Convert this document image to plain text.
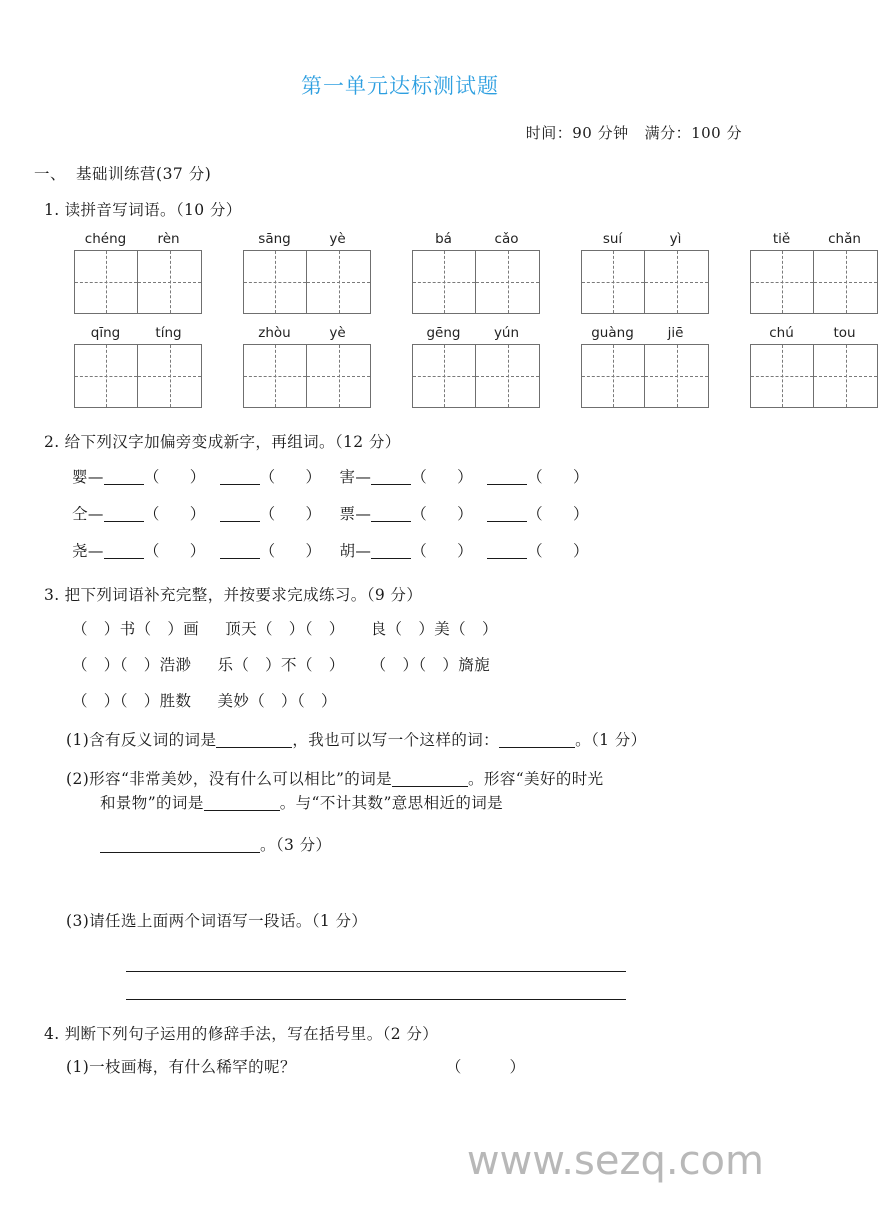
第一单元达标测试题
时间：90 分钟 满分：100 分
一、 基础训练营(37 分)
1. 读拼音写词语。（10 分）
chéng	rèn	sāng	yè	bá	cǎo	suí	yì	tiě	chǎn
qīng	tíng	zhòu	yè	gēng	yún	guàng	jiē	chú	tou
2. 给下列汉字加偏旁变成新字，再组词。（12 分）
婴—	（ ）	（ ） 害—	（ ）	（ ）
仝—	（ ）	（ ） 票—	（ ）	（ ）
尧—	（ ）	（ ） 胡—	（ ）	（ ）
3. 把下列词语补充完整，并按要求完成练习。（9 分）
（　）书（　）画 顶天（　）（　） 良（　）美（　）
（　）（　）浩渺 乐（　）不（　） （　）（　）旖旎
（　）（　）胜数 美妙（　）（　）
(1)含有反义词的词是	，我也可以写一个这样的词：	。（1 分）
(2)形容“非常美妙，没有什么可以相比”的词是	。形容“美好的时光
和景物”的词是	。与“不计其数”意思相近的词是
。（3 分）
(3)请任选上面两个词语写一段话。（1 分）
4. 判断下列句子运用的修辞手法，写在括号里。（2 分）
(1)一枝画梅，有什么稀罕的呢？	（　　　）
www.sezq.com
